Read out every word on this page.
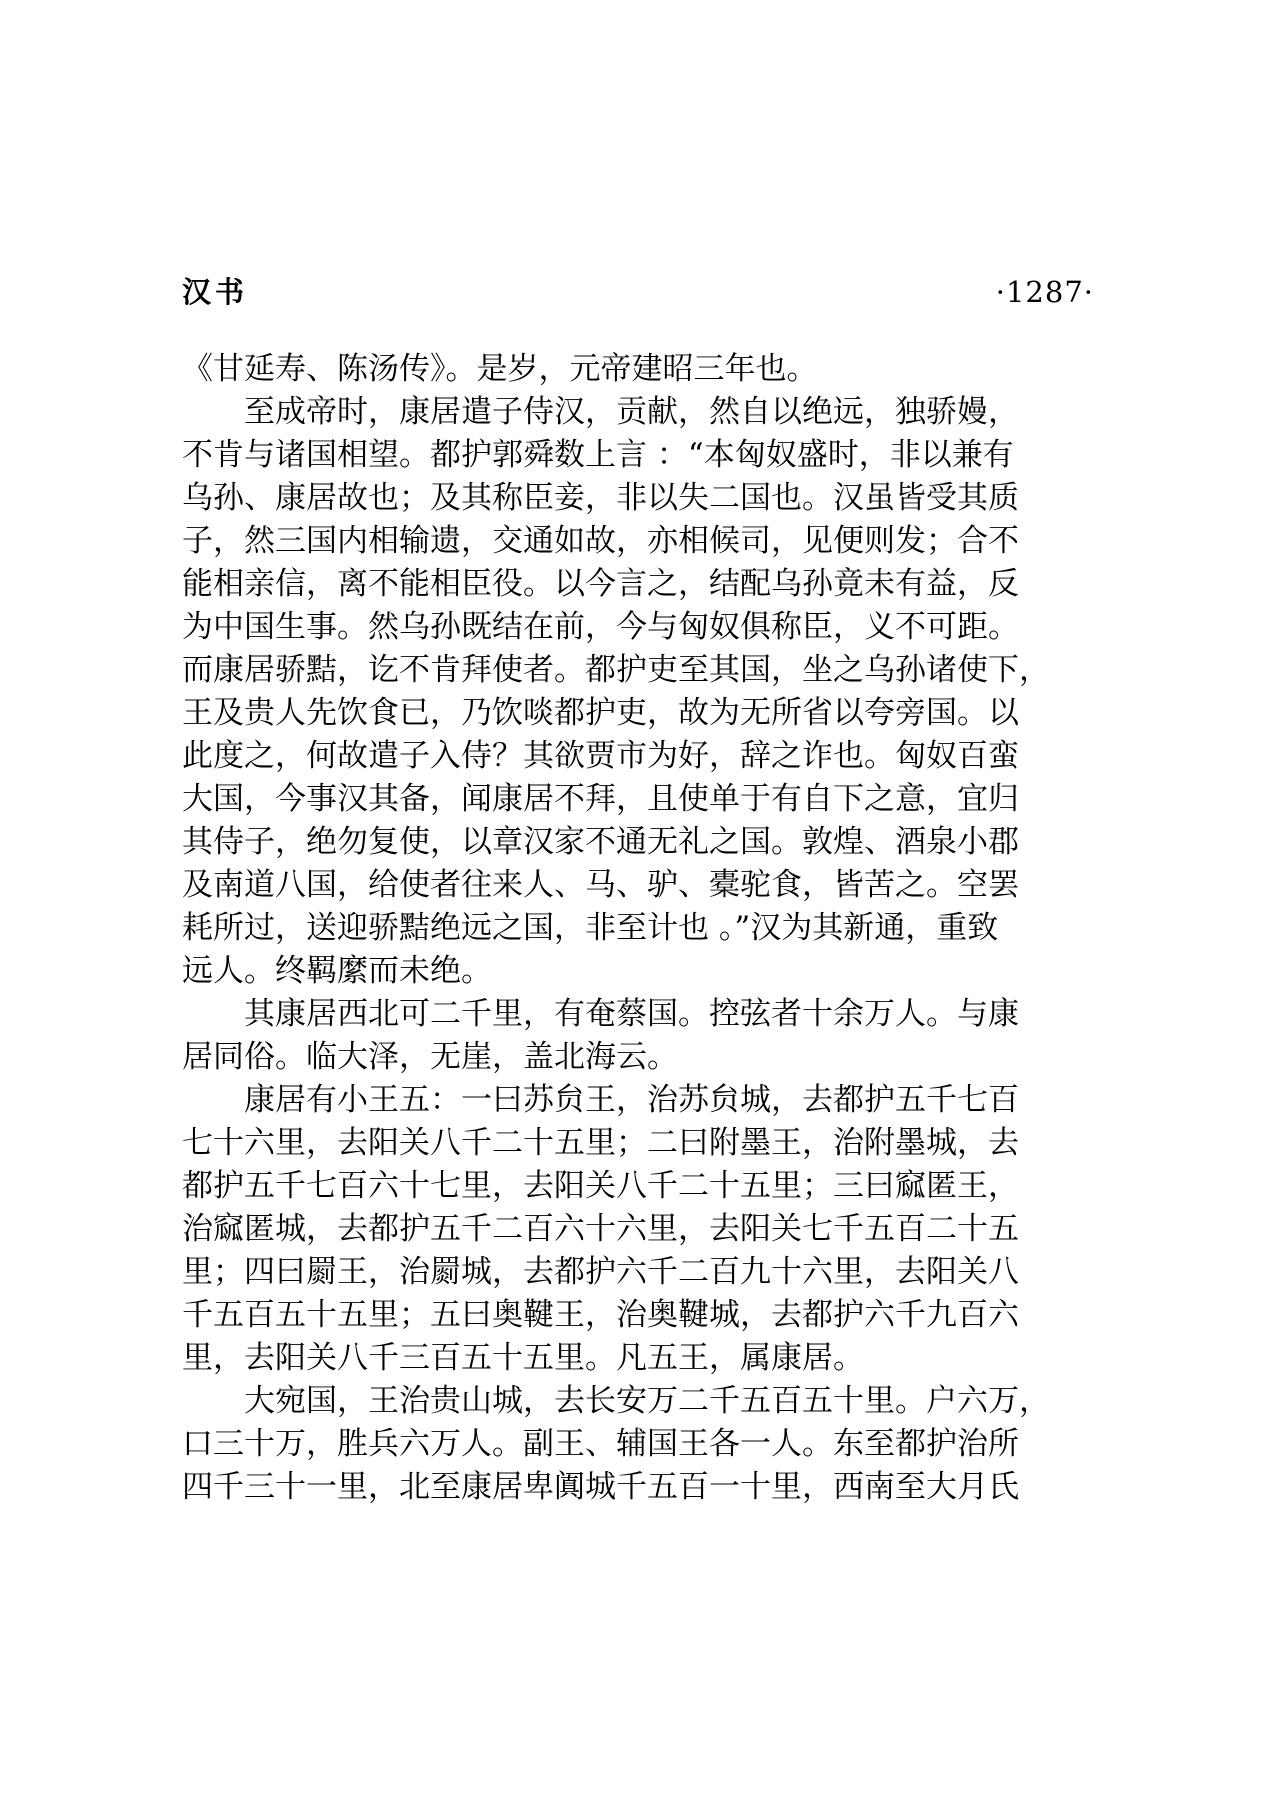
汉书	·1287·
《甘延寿、陈汤传》。是岁，元帝建昭三年也。
　　至成帝时，康居遣子侍汉，贡献，然自以绝远，独骄嫚，
不肯与诸国相望。都护郭舜数上言 ：“本匈奴盛时，非以兼有
乌孙、康居故也；及其称臣妾，非以失二国也。汉虽皆受其质
子，然三国内相输遗，交通如故，亦相候司，见便则发；合不
能相亲信，离不能相臣役。以今言之，结配乌孙竟未有益，反
为中国生事。然乌孙既结在前，今与匈奴俱称臣，义不可距。
而康居骄黠，讫不肯拜使者。都护吏至其国，坐之乌孙诸使下，
王及贵人先饮食已，乃饮啖都护吏，故为无所省以夸旁国。以
此度之，何故遣子入侍？其欲贾市为好，辞之诈也。匈奴百蛮
大国，今事汉其备，闻康居不拜，且使单于有自下之意，宜归
其侍子，绝勿复使，以章汉家不通无礼之国。敦煌、酒泉小郡
及南道八国，给使者往来人、马、驴、橐驼食，皆苦之。空罢
耗所过，送迎骄黠绝远之国，非至计也 。”汉为其新通，重致
远人。终羁縻而未绝。
　　其康居西北可二千里，有奄蔡国。控弦者十余万人。与康
居同俗。临大泽，无崖，盖北海云。
　　康居有小王五：一曰苏贠王，治苏贠城，去都护五千七百
七十六里，去阳关八千二十五里；二曰附墨王，治附墨城，去
都护五千七百六十七里，去阳关八千二十五里；三曰窳匿王，
治窳匿城，去都护五千二百六十六里，去阳关七千五百二十五
里；四曰罽王，治罽城，去都护六千二百九十六里，去阳关八
千五百五十五里；五曰奥鞬王，治奥鞬城，去都护六千九百六
里，去阳关八千三百五十五里。凡五王，属康居。
　　大宛国，王治贵山城，去长安万二千五百五十里。户六万，
口三十万，胜兵六万人。副王、辅国王各一人。东至都护治所
四千三十一里，北至康居卑阗城千五百一十里，西南至大月氏
